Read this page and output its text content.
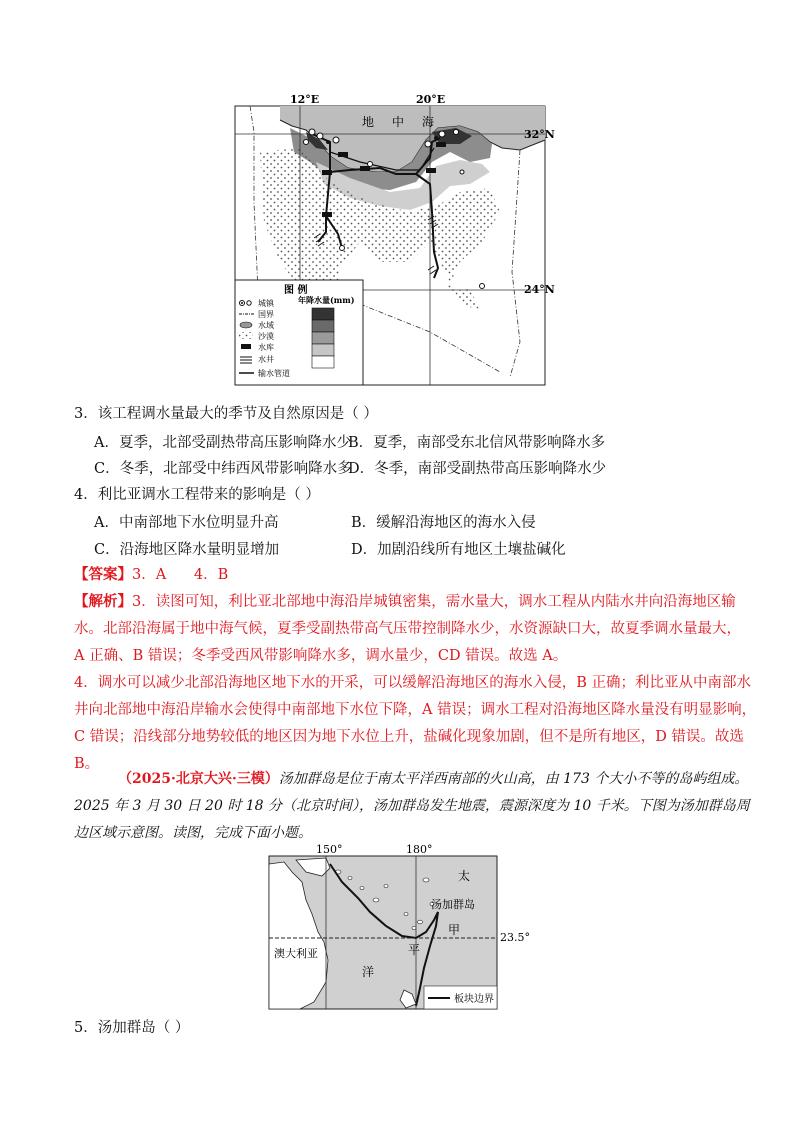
12°E	20°E
32°N
24°N
地 中 海
图 例
城镇
国界
水域
沙漠
水库
水井
输水管道
年降水量(mm)
3．该工程调水量最大的季节及自然原因是（ ）
A．夏季，北部受副热带高压影响降水少
B．夏季，南部受东北信风带影响降水多
C．冬季，北部受中纬西风带影响降水多
D．冬季，南部受副热带高压影响降水少
4．利比亚调水工程带来的影响是（ ）
A．中南部地下水位明显升高	B．缓解沿海地区的海水入侵
C．沿海地区降水量明显增加	D．加剧沿线所有地区土壤盐碱化
【答案】3．A      4．B
【解析】3．读图可知，利比亚北部地中海沿岸城镇密集，需水量大，调水工程从内陆水井向沿海地区输
水。北部沿海属于地中海气候，夏季受副热带高气压带控制降水少，水资源缺口大，故夏季调水量最大，
A 正确、B 错误；冬季受西风带影响降水多，调水量少，CD 错误。故选 A。
4．调水可以减少北部沿海地区地下水的开采，可以缓解沿海地区的海水入侵，B 正确；利比亚从中南部水
井向北部地中海沿岸输水会使得中南部地下水位下降，A 错误；调水工程对沿海地区降水量没有明显影响，
C 错误；沿线部分地势较低的地区因为地下水位上升，盐碱化现象加剧，但不是所有地区，D 错误。故选
B。
（2025·北京大兴·三模）汤加群岛是位于南太平洋西南部的火山高，由 173 个大小不等的岛屿组成。
2025 年 3 月 30 日 20 时 18 分（北京时间），汤加群岛发生地震，震源深度为 10 千米。下图为汤加群岛周
边区域示意图。读图，完成下面小题。
150°	180°
23.5°
太
汤加群岛
甲
平
洋
澳大利亚
板块边界
5．汤加群岛（ ）
